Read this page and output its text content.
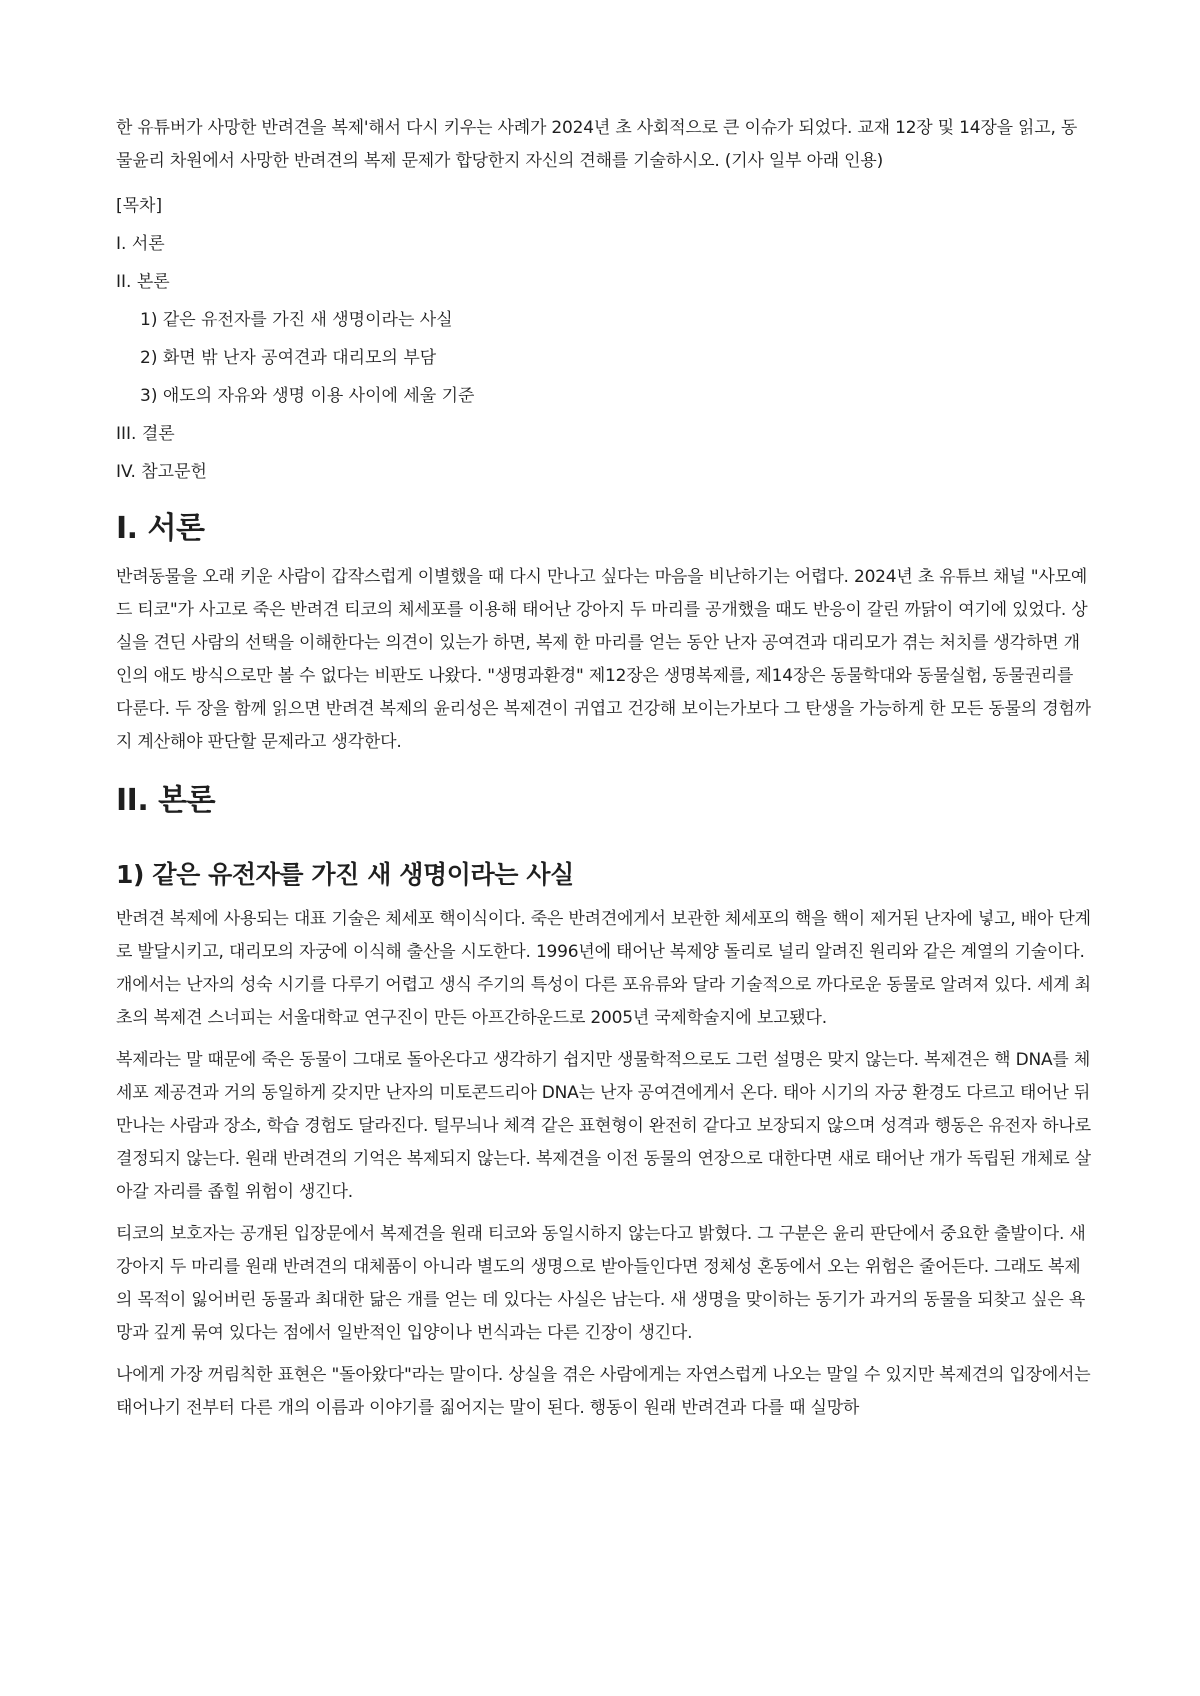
한 유튜버가 사망한 반려견을 복제'해서 다시 키우는 사례가 2024년 초 사회적으로 큰 이슈가 되었다. 교재 12장 및 14장을 읽고, 동물윤리 차원에서 사망한 반려견의 복제 문제가 합당한지 자신의 견해를 기술하시오. (기사 일부 아래 인용)

[목차]
I. 서론
II. 본론
1) 같은 유전자를 가진 새 생명이라는 사실
2) 화면 밖 난자 공여견과 대리모의 부담
3) 애도의 자유와 생명 이용 사이에 세울 기준
III. 결론
IV. 참고문헌
I. 서론

반려동물을 오래 키운 사람이 갑작스럽게 이별했을 때 다시 만나고 싶다는 마음을 비난하기는 어렵다. 2024년 초 유튜브 채널 "사모예드 티코"가 사고로 죽은 반려견 티코의 체세포를 이용해 태어난 강아지 두 마리를 공개했을 때도 반응이 갈린 까닭이 여기에 있었다. 상실을 견딘 사람의 선택을 이해한다는 의견이 있는가 하면, 복제 한 마리를 얻는 동안 난자 공여견과 대리모가 겪는 처치를 생각하면 개인의 애도 방식으로만 볼 수 없다는 비판도 나왔다. "생명과환경" 제12장은 생명복제를, 제14장은 동물학대와 동물실험, 동물권리를 다룬다. 두 장을 함께 읽으면 반려견 복제의 윤리성은 복제견이 귀엽고 건강해 보이는가보다 그 탄생을 가능하게 한 모든 동물의 경험까지 계산해야 판단할 문제라고 생각한다.

II. 본론
1) 같은 유전자를 가진 새 생명이라는 사실

반려견 복제에 사용되는 대표 기술은 체세포 핵이식이다. 죽은 반려견에게서 보관한 체세포의 핵을 핵이 제거된 난자에 넣고, 배아 단계로 발달시키고, 대리모의 자궁에 이식해 출산을 시도한다. 1996년에 태어난 복제양 돌리로 널리 알려진 원리와 같은 계열의 기술이다. 개에서는 난자의 성숙 시기를 다루기 어렵고 생식 주기의 특성이 다른 포유류와 달라 기술적으로 까다로운 동물로 알려져 있다. 세계 최초의 복제견 스너피는 서울대학교 연구진이 만든 아프간하운드로 2005년 국제학술지에 보고됐다.

복제라는 말 때문에 죽은 동물이 그대로 돌아온다고 생각하기 쉽지만 생물학적으로도 그런 설명은 맞지 않는다. 복제견은 핵 DNA를 체세포 제공견과 거의 동일하게 갖지만 난자의 미토콘드리아 DNA는 난자 공여견에게서 온다. 태아 시기의 자궁 환경도 다르고 태어난 뒤 만나는 사람과 장소, 학습 경험도 달라진다. 털무늬나 체격 같은 표현형이 완전히 같다고 보장되지 않으며 성격과 행동은 유전자 하나로 결정되지 않는다. 원래 반려견의 기억은 복제되지 않는다. 복제견을 이전 동물의 연장으로 대한다면 새로 태어난 개가 독립된 개체로 살아갈 자리를 좁힐 위험이 생긴다.

티코의 보호자는 공개된 입장문에서 복제견을 원래 티코와 동일시하지 않는다고 밝혔다. 그 구분은 윤리 판단에서 중요한 출발이다. 새 강아지 두 마리를 원래 반려견의 대체품이 아니라 별도의 생명으로 받아들인다면 정체성 혼동에서 오는 위험은 줄어든다. 그래도 복제의 목적이 잃어버린 동물과 최대한 닮은 개를 얻는 데 있다는 사실은 남는다. 새 생명을 맞이하는 동기가 과거의 동물을 되찾고 싶은 욕망과 깊게 묶여 있다는 점에서 일반적인 입양이나 번식과는 다른 긴장이 생긴다.

나에게 가장 꺼림칙한 표현은 "돌아왔다"라는 말이다. 상실을 겪은 사람에게는 자연스럽게 나오는 말일 수 있지만 복제견의 입장에서는 태어나기 전부터 다른 개의 이름과 이야기를 짊어지는 말이 된다. 행동이 원래 반려견과 다를 때 실망하
